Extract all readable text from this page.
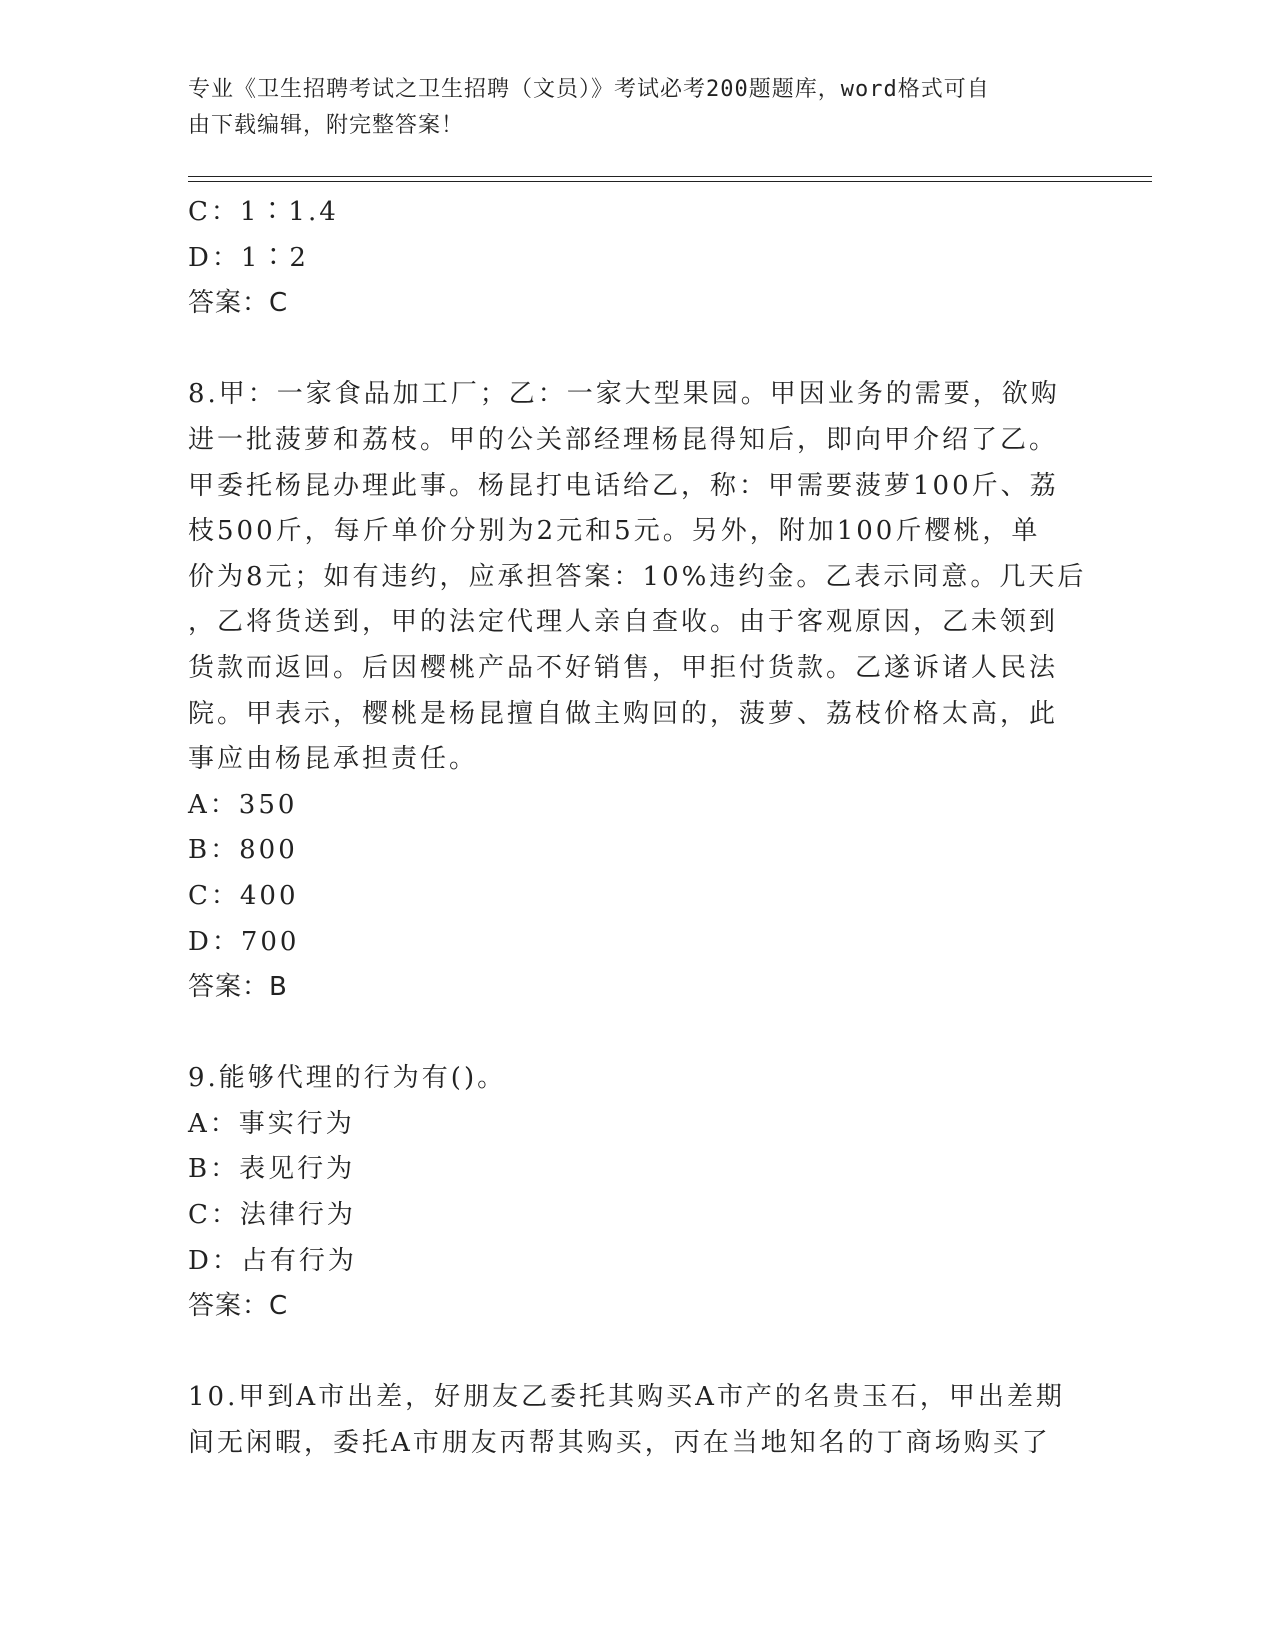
专业《卫生招聘考试之卫生招聘（文员）》考试必考200题题库，word格式可自
由下载编辑，附完整答案！
C：1∶1.4
D：1∶2
答案：C
8.甲：一家食品加工厂；乙：一家大型果园。甲因业务的需要，欲购
进一批菠萝和荔枝。甲的公关部经理杨昆得知后，即向甲介绍了乙。
甲委托杨昆办理此事。杨昆打电话给乙，称：甲需要菠萝100斤、荔
枝500斤，每斤单价分别为2元和5元。另外，附加100斤樱桃，单
价为8元；如有违约，应承担答案：10%违约金。乙表示同意。几天后
，乙将货送到，甲的法定代理人亲自查收。由于客观原因，乙未领到
货款而返回。后因樱桃产品不好销售，甲拒付货款。乙遂诉诸人民法
院。甲表示，樱桃是杨昆擅自做主购回的，菠萝、荔枝价格太高，此
事应由杨昆承担责任。
A：350
B：800
C：400
D：700
答案：B
9.能够代理的行为有()。
A：事实行为
B：表见行为
C：法律行为
D：占有行为
答案：C
10.甲到A市出差，好朋友乙委托其购买A市产的名贵玉石，甲出差期
间无闲暇，委托A市朋友丙帮其购买，丙在当地知名的丁商场购买了
